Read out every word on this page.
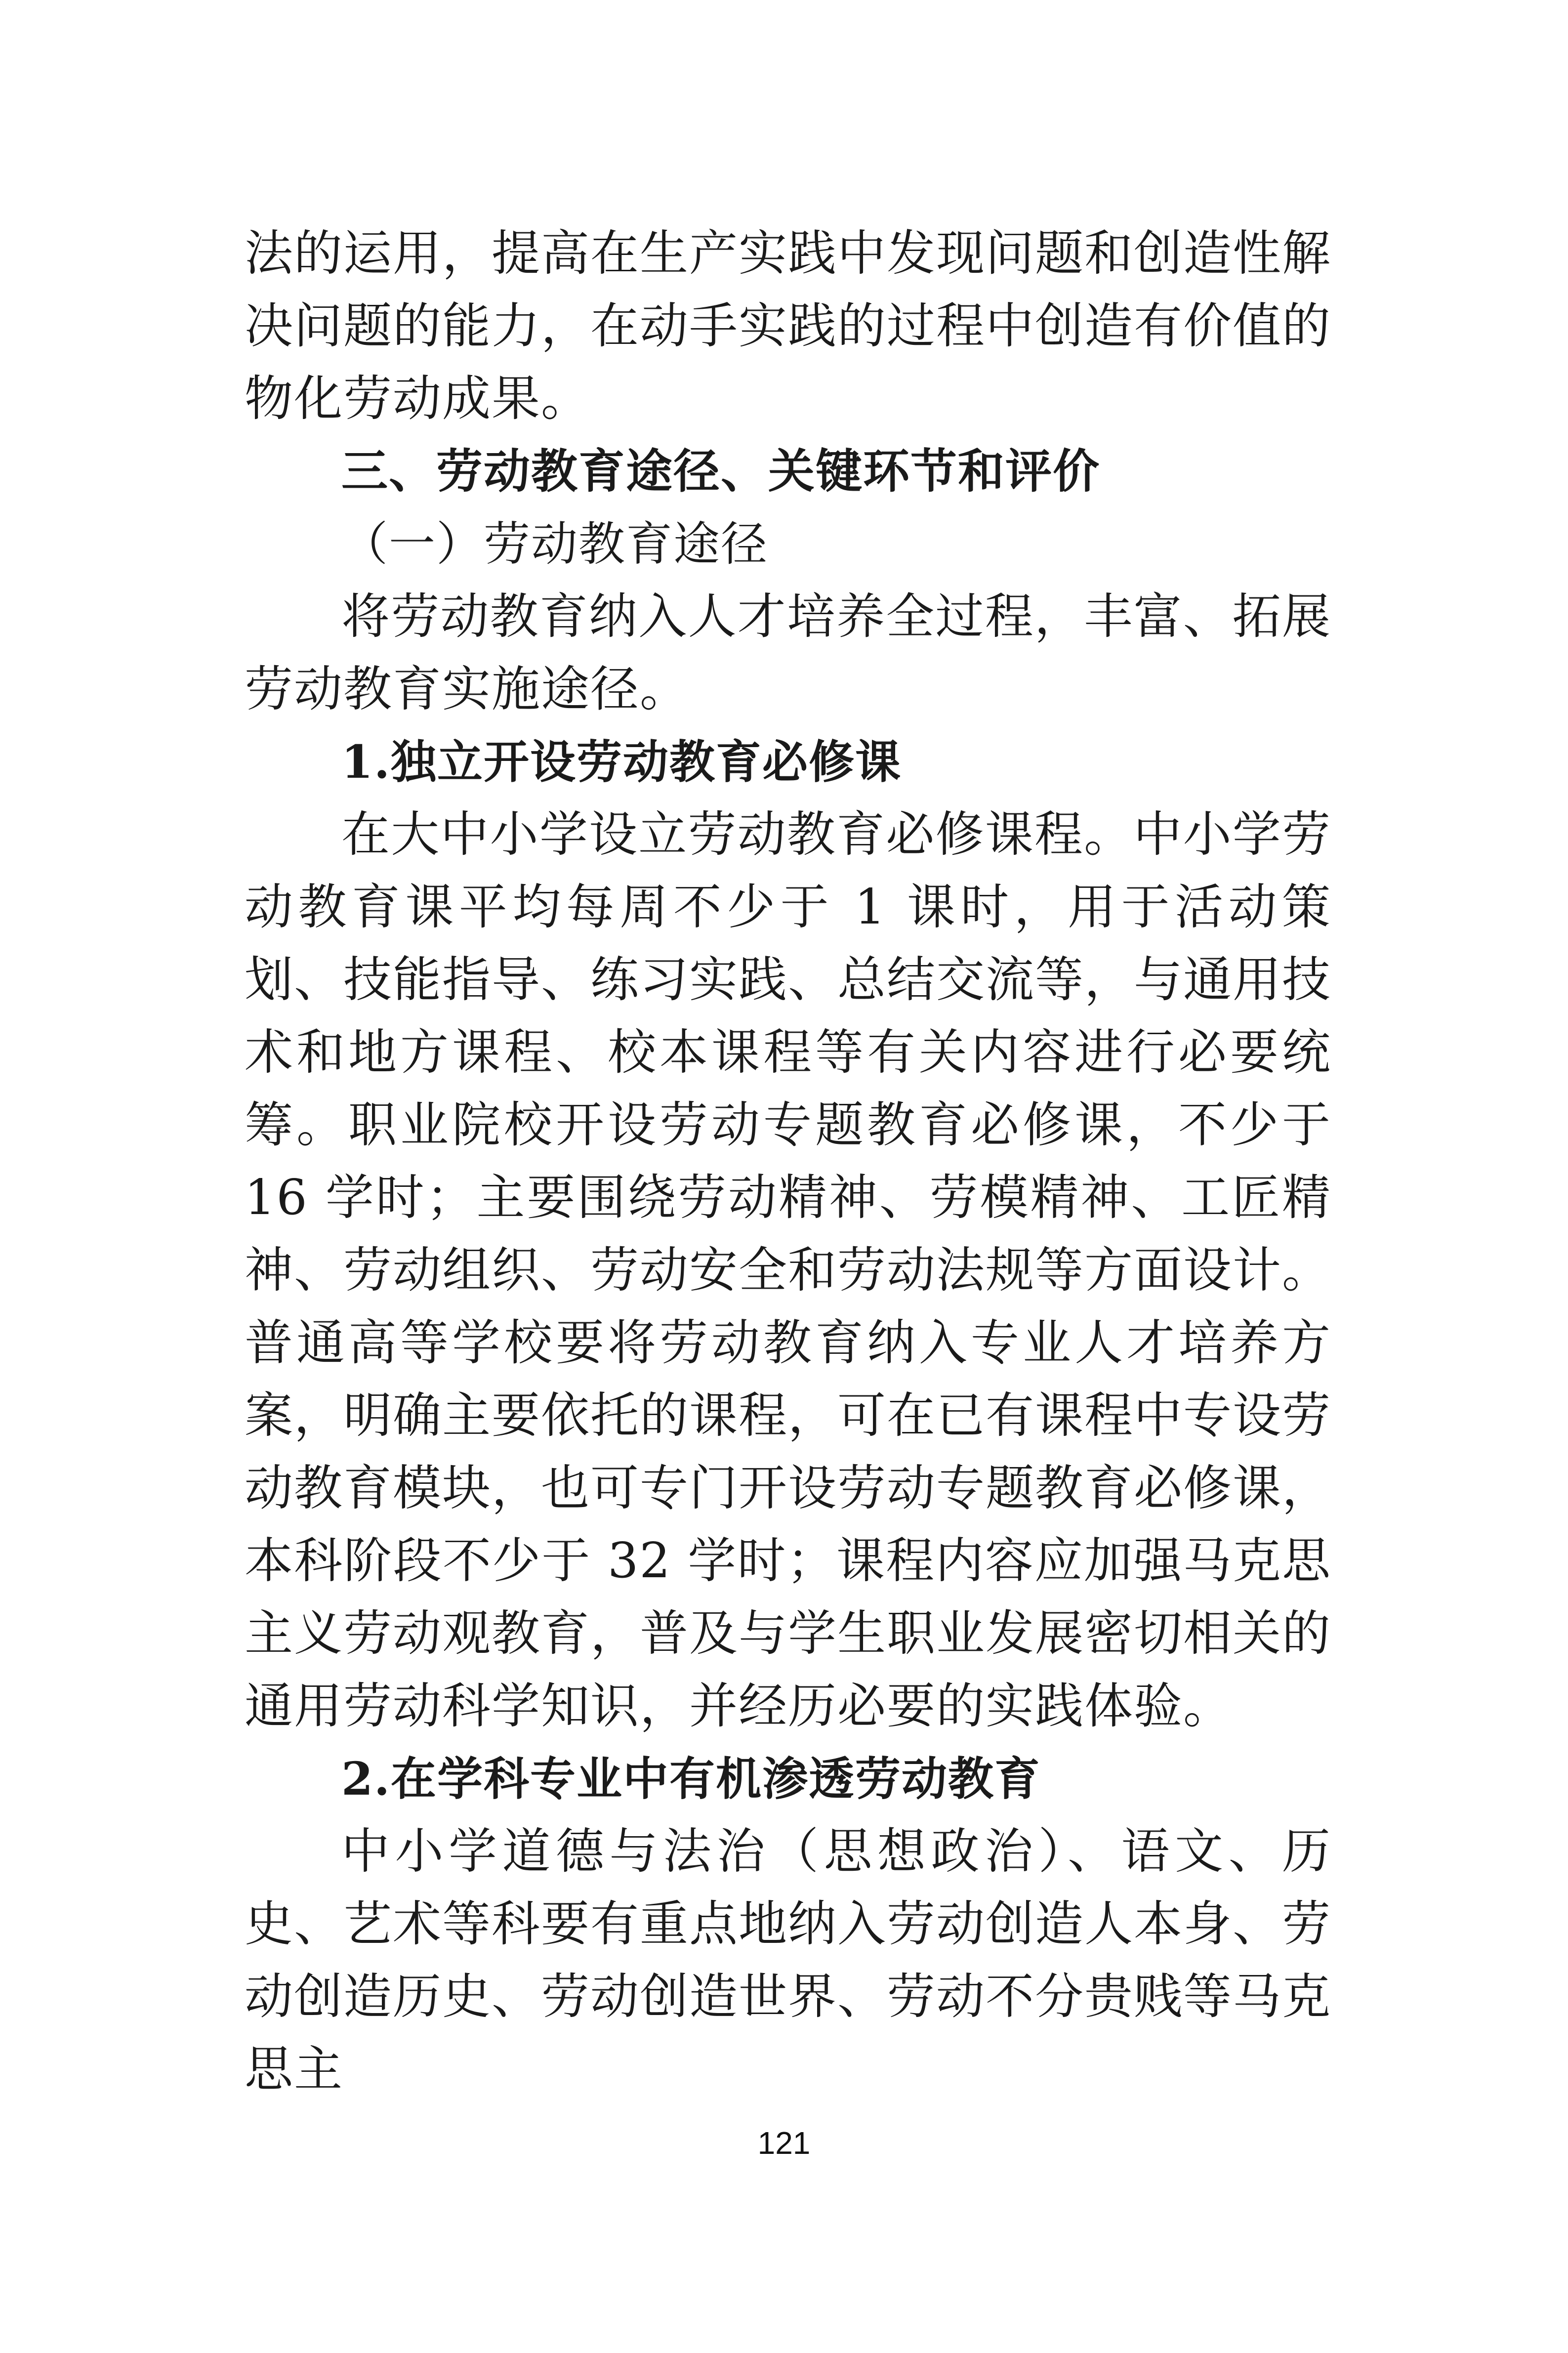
法的运用，提高在生产实践中发现问题和创造性解决问题的能力，在动手实践的过程中创造有价值的物化劳动成果。

三、劳动教育途径、关键环节和评价

（一）劳动教育途径

将劳动教育纳入人才培养全过程，丰富、拓展劳动教育实施途径。

1.独立开设劳动教育必修课

在大中小学设立劳动教育必修课程。中小学劳动教育课平均每周不少于 1 课时，用于活动策划、技能指导、练习实践、总结交流等，与通用技术和地方课程、校本课程等有关内容进行必要统筹。职业院校开设劳动专题教育必修课，不少于 16 学时；主要围绕劳动精神、劳模精神、工匠精神、劳动组织、劳动安全和劳动法规等方面设计。普通高等学校要将劳动教育纳入专业人才培养方案，明确主要依托的课程，可在已有课程中专设劳动教育模块，也可专门开设劳动专题教育必修课，本科阶段不少于 32 学时；课程内容应加强马克思主义劳动观教育，普及与学生职业发展密切相关的通用劳动科学知识，并经历必要的实践体验。

2.在学科专业中有机渗透劳动教育

中小学道德与法治（思想政治）、语文、历史、艺术等科要有重点地纳入劳动创造人本身、劳动创造历史、劳动创造世界、劳动不分贵贱等马克思主

121
